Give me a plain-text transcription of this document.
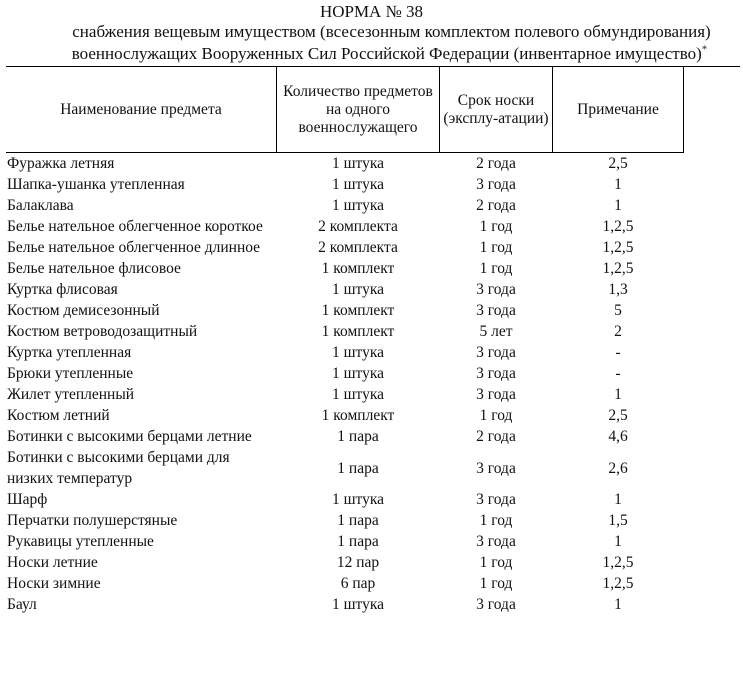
НОРМА № 38
снабжения вещевым имуществом (всесезонным комплектом полевого обмундирования)
военнослужащих Вооруженных Сил Российской Федерации (инвентарное имущество)*
Наименование предмета	Количество предметов на одного военнослужащего	Срок носки (эксплу-атации)	Примечание
Фуражка летняя	1 штука	2 года	2,5
Шапка-ушанка утепленная	1 штука	3 года	1
Балаклава	1 штука	2 года	1
Белье нательное облегченное короткое	2 комплекта	1 год	1,2,5
Белье нательное облегченное длинное	2 комплекта	1 год	1,2,5
Белье нательное флисовое	1 комплект	1 год	1,2,5
Куртка флисовая	1 штука	3 года	1,3
Костюм демисезонный	1 комплект	3 года	5
Костюм ветроводозащитный	1 комплект	5 лет	2
Куртка утепленная	1 штука	3 года	-
Брюки утепленные	1 штука	3 года	-
Жилет утепленный	1 штука	3 года	1
Костюм летний	1 комплект	1 год	2,5
Ботинки с высокими берцами летние	1 пара	2 года	4,6
Ботинки с высокими берцами для низких температур	1 пара	3 года	2,6
Шарф	1 штука	3 года	1
Перчатки полушерстяные	1 пара	1 год	1,5
Рукавицы утепленные	1 пара	3 года	1
Носки летние	12 пар	1 год	1,2,5
Носки зимние	6 пар	1 год	1,2,5
Баул	1 штука	3 года	1
